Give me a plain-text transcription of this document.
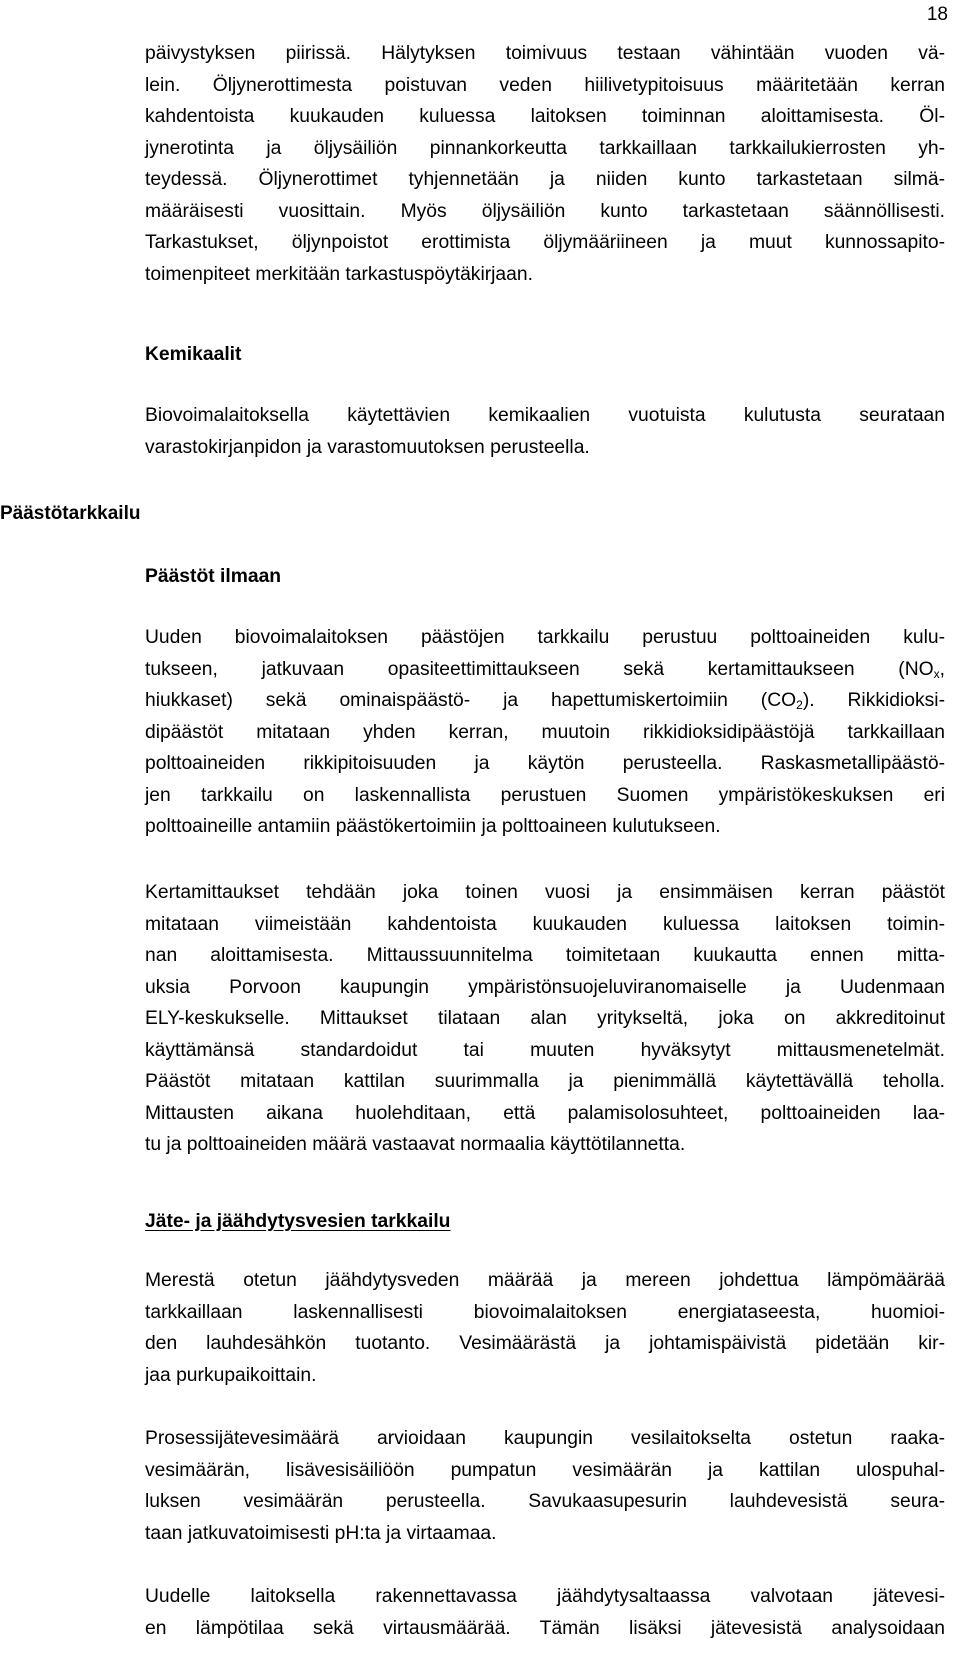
18
Päästötarkkailu
päivystyksen piirissä. Hälytyksen toimivuus testaan vähintään vuoden vä-
lein. Öljynerottimesta poistuvan veden hiilivetypitoisuus määritetään kerran
kahdentoista kuukauden kuluessa laitoksen toiminnan aloittamisesta. Öl-
jynerotinta ja öljysäiliön pinnankorkeutta tarkkaillaan tarkkailukierrosten yh-
teydessä. Öljynerottimet tyhjennetään ja niiden kunto tarkastetaan silmä-
määräisesti vuosittain. Myös öljysäiliön kunto tarkastetaan säännöllisesti.
Tarkastukset, öljynpoistot erottimista öljymääriineen ja muut kunnossapito-
toimenpiteet merkitään tarkastuspöytäkirjaan.
Kemikaalit
Biovoimalaitoksella käytettävien kemikaalien vuotuista kulutusta seurataan
varastokirjanpidon ja varastomuutoksen perusteella.
Päästöt ilmaan
Uuden biovoimalaitoksen päästöjen tarkkailu perustuu polttoaineiden kulu-
tukseen, jatkuvaan opasiteettimittaukseen sekä kertamittaukseen ($NO_x$,
hiukkaset) sekä ominaispäästö- ja hapettumiskertoimiin $(CO_2)$. Rikkidioksi-
dipäästöt mitataan yhden kerran, muutoin rikkidioksidipäästöjä tarkkaillaan
polttoaineiden rikkipitoisuuden ja käytön perusteella. Raskasmetallipäästö-
jen tarkkailu on laskennallista perustuen Suomen ympäristökeskuksen eri
polttoaineille antamiin päästökertoimiin ja polttoaineen kulutukseen.
Kertamittaukset tehdään joka toinen vuosi ja ensimmäisen kerran päästöt
mitataan viimeistään kahdentoista kuukauden kuluessa laitoksen toimin-
nan aloittamisesta. Mittaussuunnitelma toimitetaan kuukautta ennen mitta-
uksia Porvoon kaupungin ympäristönsuojeluviranomaiselle ja Uudenmaan
ELY-keskukselle. Mittaukset tilataan alan yritykseltä, joka on akkreditoinut
käyttämänsä standardoidut tai muuten hyväksytyt mittausmenetelmät.
Päästöt mitataan kattilan suurimmalla ja pienimmällä käytettävällä teholla.
Mittausten aikana huolehditaan, että palamisolosuhteet, polttoaineiden laa-
tu ja polttoaineiden määrä vastaavat normaalia käyttötilannetta.
Jäte- ja jäähdytysvesien tarkkailu
Merestä otetun jäähdytysveden määrää ja mereen johdettua lämpömäärää
tarkkaillaan laskennallisesti biovoimalaitoksen energiataseesta, huomioi-
den lauhdesähkön tuotanto. Vesimäärästä ja johtamispäivistä pidetään kir-
jaa purkupaikoittain.
Prosessijätevesimäärä arvioidaan kaupungin vesilaitokselta ostetun raaka-
vesimäärän, lisävesisäiliöön pumpatun vesimäärän ja kattilan ulospuhal-
luksen vesimäärän perusteella. Savukaasupesurin lauhdevesistä seura-
taan jatkuvatoimisesti pH:ta ja virtaamaa.
Uudelle laitoksella rakennettavassa jäähdytysaltaassa valvotaan jätevesi-
en lämpötilaa sekä virtausmäärää. Tämän lisäksi jätevesistä analysoidaan
